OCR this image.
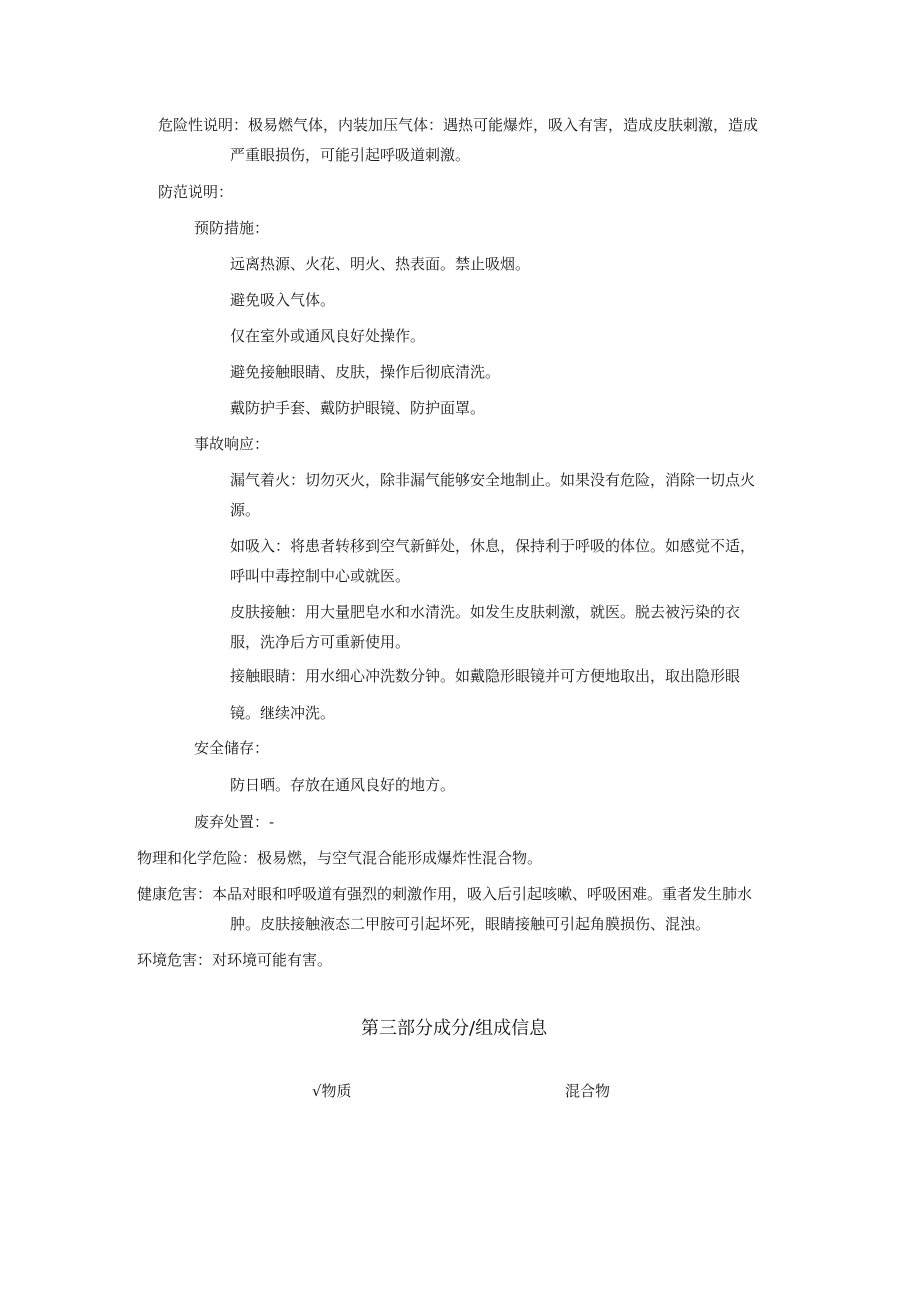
危险性说明：极易燃气体，内装加压气体：遇热可能爆炸，吸入有害，造成皮肤刺激，造成
严重眼损伤，可能引起呼吸道刺激。
防范说明：
预防措施：
远离热源、火花、明火、热表面。禁止吸烟。
避免吸入气体。
仅在室外或通风良好处操作。
避免接触眼睛、皮肤，操作后彻底清洗。
戴防护手套、戴防护眼镜、防护面罩。
事故响应：
漏气着火：切勿灭火，除非漏气能够安全地制止。如果没有危险，消除一切点火
源。
如吸入：将患者转移到空气新鲜处，休息，保持利于呼吸的体位。如感觉不适，
呼叫中毒控制中心或就医。
皮肤接触：用大量肥皂水和水清洗。如发生皮肤刺激，就医。脱去被污染的衣
服，洗净后方可重新使用。
接触眼睛：用水细心冲洗数分钟。如戴隐形眼镜并可方便地取出，取出隐形眼
镜。继续冲洗。
安全储存：
防日晒。存放在通风良好的地方。
废弃处置：-
物理和化学危险：极易燃，与空气混合能形成爆炸性混合物。
健康危害：本品对眼和呼吸道有强烈的刺激作用，吸入后引起咳嗽、呼吸困难。重者发生肺水
肿。皮肤接触液态二甲胺可引起坏死，眼睛接触可引起角膜损伤、混浊。
环境危害：对环境可能有害。
第三部分成分/组成信息
√物质	混合物
